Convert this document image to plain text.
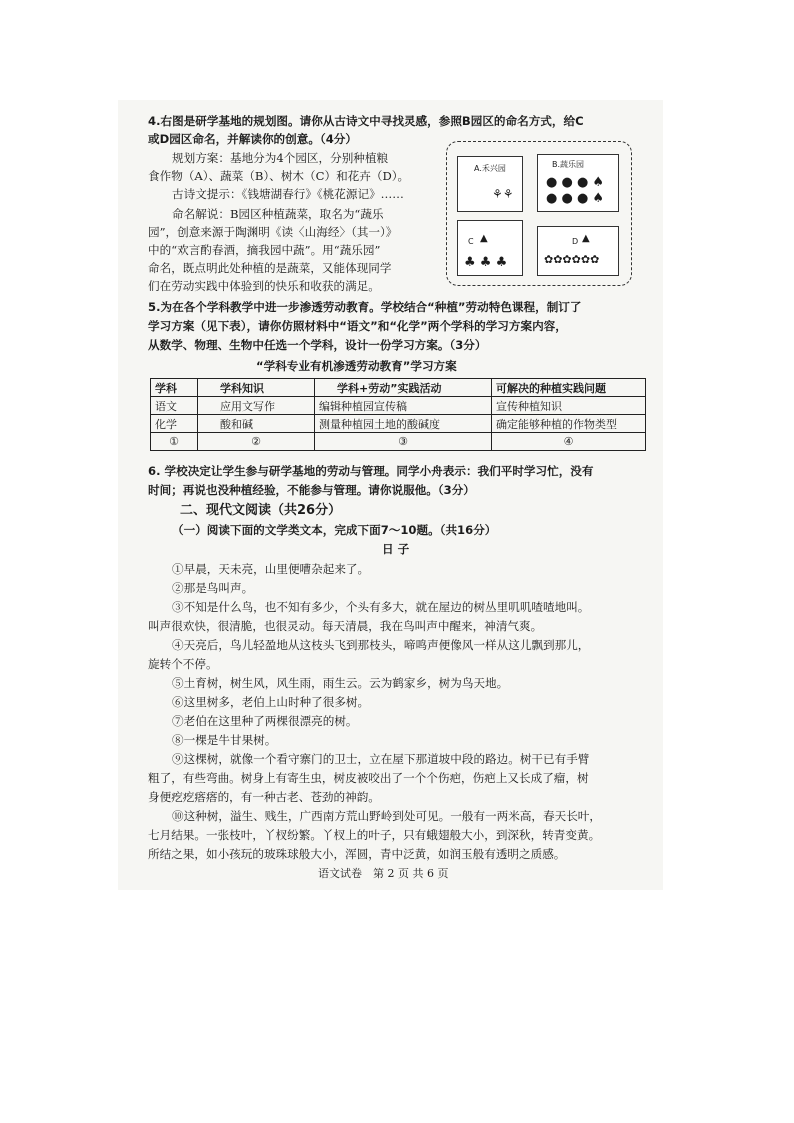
4.右图是研学基地的规划图。请你从古诗文中寻找灵感，参照B园区的命名方式，给C
或D园区命名，并解读你的创意。（4分）
规划方案：基地分为4个园区，分别种植粮
食作物（A）、蔬菜（B）、树木（C）和花卉（D）。
古诗文提示：《钱塘湖春行》《桃花源记》……
命名解说：B园区种植蔬菜，取名为“蔬乐
园”，创意来源于陶渊明《读〈山海经〉（其一）》
中的“欢言酌春酒，摘我园中蔬”。用“蔬乐园”
命名，既点明此处种植的是蔬菜，又能体现同学
们在劳动实践中体验到的快乐和收获的满足。
A.禾兴园
⚘⚘
B.蔬乐园
● ● ● ♠
● ● ● ♠
C ▲
♣ ♣ ♣
D ▲
✿✿✿✿✿✿
5.为在各个学科教学中进一步渗透劳动教育。学校结合“种植”劳动特色课程，制订了
学习方案（见下表），请你仿照材料中“语文”和“化学”两个学科的学习方案内容，
从数学、物理、生物中任选一个学科，设计一份学习方案。（3分）
“学科专业有机渗透劳动教育”学习方案
学科	学科知识	学科+劳动”实践活动	可解决的种植实践问题
语文	应用文写作	编辑种植园宣传稿	宣传种植知识
化学	酸和碱	测量种植园土地的酸碱度	确定能够种植的作物类型
①	②	③	④
6. 学校决定让学生参与研学基地的劳动与管理。同学小舟表示：我们平时学习忙，没有
时间；再说也没种植经验，不能参与管理。请你说服他。（3分）
二、现代文阅读（共26分）
（一）阅读下面的文学类文本，完成下面7～10题。（共16分）
日 子
①早晨，天未亮，山里便嘈杂起来了。
②那是鸟叫声。
③不知是什么鸟，也不知有多少，个头有多大，就在屋边的树丛里叽叽喳喳地叫。
叫声很欢快，很清脆，也很灵动。每天清晨，我在鸟叫声中醒来，神清气爽。
④天亮后，鸟儿轻盈地从这枝头飞到那枝头，啼鸣声便像风一样从这儿飘到那儿，
旋转个不停。
⑤土育树，树生风，风生雨，雨生云。云为鹤家乡，树为鸟天地。
⑥这里树多，老伯上山时种了很多树。
⑦老伯在这里种了两棵很漂亮的树。
⑧一棵是牛甘果树。
⑨这棵树，就像一个看守寨门的卫士，立在屋下那道坡中段的路边。树干已有手臂
粗了，有些弯曲。树身上有寄生虫，树皮被咬出了一个个伤疤，伤疤上又长成了瘤，树
身便疙疙瘩瘩的，有一种古老、苍劲的神韵。
⑩这种树，溢生、贱生，广西南方荒山野岭到处可见。一般有一两米高，春天长叶，
七月结果。一张枝叶，丫杈纷繁。丫杈上的叶子，只有蛾翅般大小，到深秋，转青变黄。
所结之果，如小孩玩的玻珠球般大小，浑圆，青中泛黄，如润玉般有透明之质感。
语文试卷　第 2 页 共 6 页
